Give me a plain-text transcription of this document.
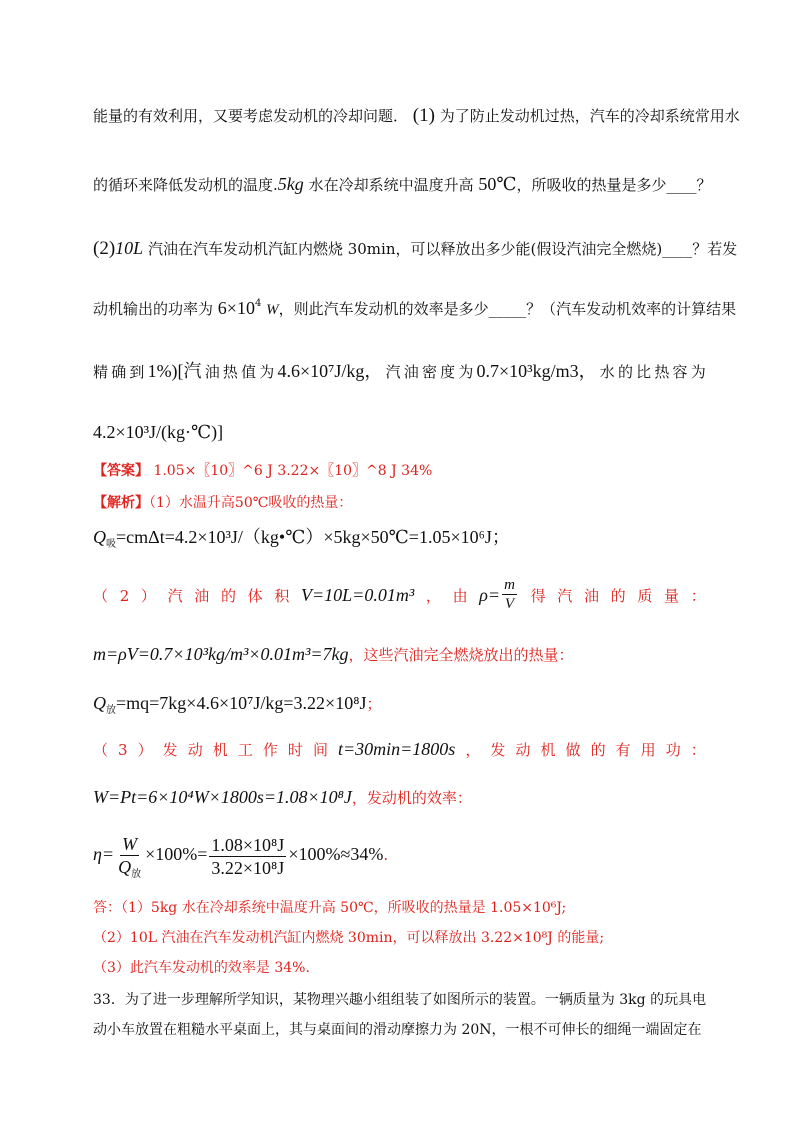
能量的有效利用，又要考虑发动机的冷却问题． (1) 为了防止发动机过热，汽车的冷却系统常用水
的循环来降低发动机的温度.5kg 水在冷却系统中温度升高 50℃，所吸收的热量是多少____？
(2)10L 汽油在汽车发动机汽缸内燃烧 30min，可以释放出多少能(假设汽油完全燃烧)____？若发
动机输出的功率为 $6\times 10^4$ W，则此汽车发动机的效率是多少_____？（汽车发动机效率的计算结果
精 确 到 1%)[汽 油 热 值 为 4.6×10⁷J/kg， 汽 油 密 度 为 0.7×10³kg/m3， 水 的 比 热 容 为
4.2×10³J/(kg·℃)]
【答案】 1.05×〖10〗^6 J 3.22×〖10〗^8 J 34%
【解析】（1）水温升高50℃吸收的热量：
$Q_吸=cm\Delta t=4.2\times 10^3J/(kg•℃)\times 5kg\times 50℃=1.05\times 10^6J$；
（ 2 ） 汽 油 的 体 积 V=10L=0.01m³ ， 由 $\rho= \frac{m}{V}$ 得 汽 油 的 质 量 ：
m=ρV=0.7×10³kg/m³×0.01m³=7kg，这些汽油完全燃烧放出的热量：
$Q_放=mq=7kg\times 4.6\times 10^7J/kg=3.22\times 10^8J$；
（ 3 ） 发 动 机 工 作 时 间 t=30min=1800s ， 发 动 机 做 的 有 用 功 ：
W=Pt=6×10⁴W×1800s=1.08×10⁸J，发动机的效率：
$\eta= \frac{W}{Q_放} \times 100\%= \frac{\text{1.08×10⁸J}}{\text{3.22×10⁸J}} \times 100\%\approx 34\%$.
答：（1）5kg 水在冷却系统中温度升高 50℃，所吸收的热量是 1.05×10⁶J;
（2）10L 汽油在汽车发动机汽缸内燃烧 30min，可以释放出 3.22×10⁸J 的能量;
（3）此汽车发动机的效率是 34%.
33．为了进一步理解所学知识，某物理兴趣小组组装了如图所示的装置。一辆质量为 3kg 的玩具电
动小车放置在粗糙水平桌面上，其与桌面间的滑动摩擦力为 20N，一根不可伸长的细绳一端固定在
